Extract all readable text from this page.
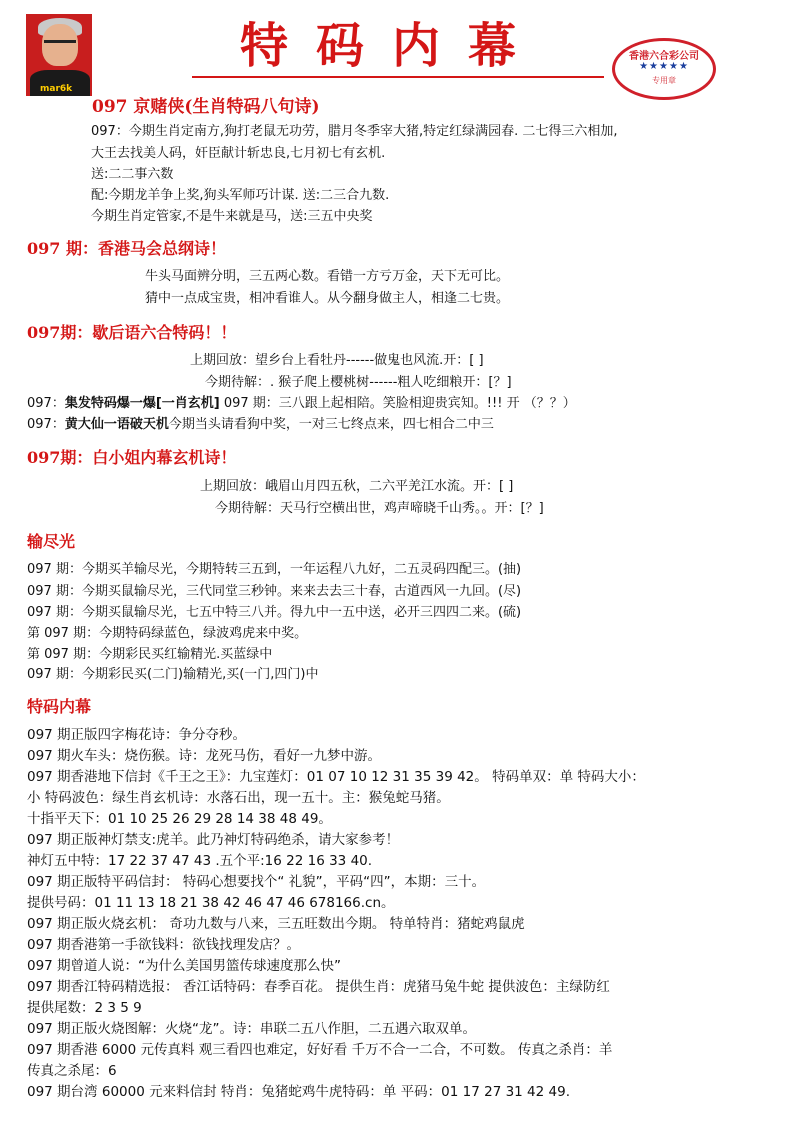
mar6k
特码内幕	香港六合彩公司
★★★★★
专用章
097 京赌侠(生肖特码八句诗)
097：今期生肖定南方,狗打老鼠无功劳，腊月冬季宰大猪,特定红绿满园春. 二七得三六相加,
大王去找美人码，奸臣献计斩忠良,七月初七有玄机.
送:二二事六数
配:今期龙羊争上奖,狗头军师巧计谋. 送:二三合九数.
今期生肖定管家,不是牛来就是马，送:三五中央奖
097 期：香港马会总纲诗！
牛头马面辨分明，三五两心数。看错一方亏万金，天下无可比。
猜中一点成宝贵，相冲看谁人。从今翻身做主人，相逢二七贵。
097期：歇后语六合特码！！
上期回放：望乡台上看牡丹------做鬼也风流.开：[ ]
今期待解：. 猴子爬上樱桃树------粗人吃细粮开：[？]
097：集发特码爆一爆[一肖玄机] 097 期：三八跟上起相陪。笑脸相迎贵宾知。!!! 开 （？？）
097：黄大仙一语破天机今期当头请看狗中奖，一对三七终点来，四七相合二中三
097期：白小姐内幕玄机诗！
上期回放：峨眉山月四五秋，二六平羌江水流。开：[ ]
今期待解：天马行空横出世，鸡声啼晓千山秀。。开：[？]
输尽光
097 期：今期买羊输尽光，今期特转三五到，一年运程八九好，二五灵码四配三。(抽)
097 期：今期买鼠输尽光，三代同堂三秒钟。来来去去三十春，古道西风一九回。(尽)
097 期：今期买鼠输尽光，七五中特三八并。得九中一五中送，必开三四四二来。(硫)
第 097 期：今期特码绿蓝色，绿波鸡虎来中奖。
第 097 期：今期彩民买红输精光.买蓝绿中
097 期：今期彩民买(二门)输精光,买(一门,四门)中
特码内幕
097 期正版四字梅花诗：争分夺秒。
097 期火车头：烧伤猴。诗：龙死马伤，看好一九梦中游。
097 期香港地下信封《千王之王》：九宝莲灯：01 07 10 12 31 35 39 42。 特码单双：单 特码大小：
小 特码波色：绿生肖玄机诗：水落石出，现一五十。主：猴兔蛇马猪。
十指平天下：01 10 25 26 29 28 14 38 48 49。
097 期正版神灯禁支:虎羊。此乃神灯特码绝杀，请大家参考！
神灯五中特：17 22 37 47 43 .五个平:16 22 16 33 40.
097 期正版特平码信封： 特码心想要找个“ 礼貌”，平码“四”，本期：三十。
提供号码：01 11 13 18 21 38 42 46 47 46 678166.cn。
097 期正版火烧玄机： 奇功九数与八来，三五旺数出今期。 特单特肖：猪蛇鸡鼠虎
097 期香港第一手欲钱料：欲钱找理发店？。
097 期曾道人说：“为什么美国男篮传球速度那么快”
097 期香江特码精选报： 香江话特码：春季百花。 提供生肖：虎猪马兔牛蛇 提供波色：主绿防红
提供尾数：2 3 5 9
097 期正版火烧图解：火烧“龙”。诗：串联二五八作胆，二五遇六取双单。
097 期香港 6000 元传真料 观三看四也难定，好好看 千万不合一二合，不可数。 传真之杀肖：羊
传真之杀尾：6
097 期台湾 60000 元来料信封 特肖：兔猪蛇鸡牛虎特码：单 平码：01 17 27 31 42 49.
